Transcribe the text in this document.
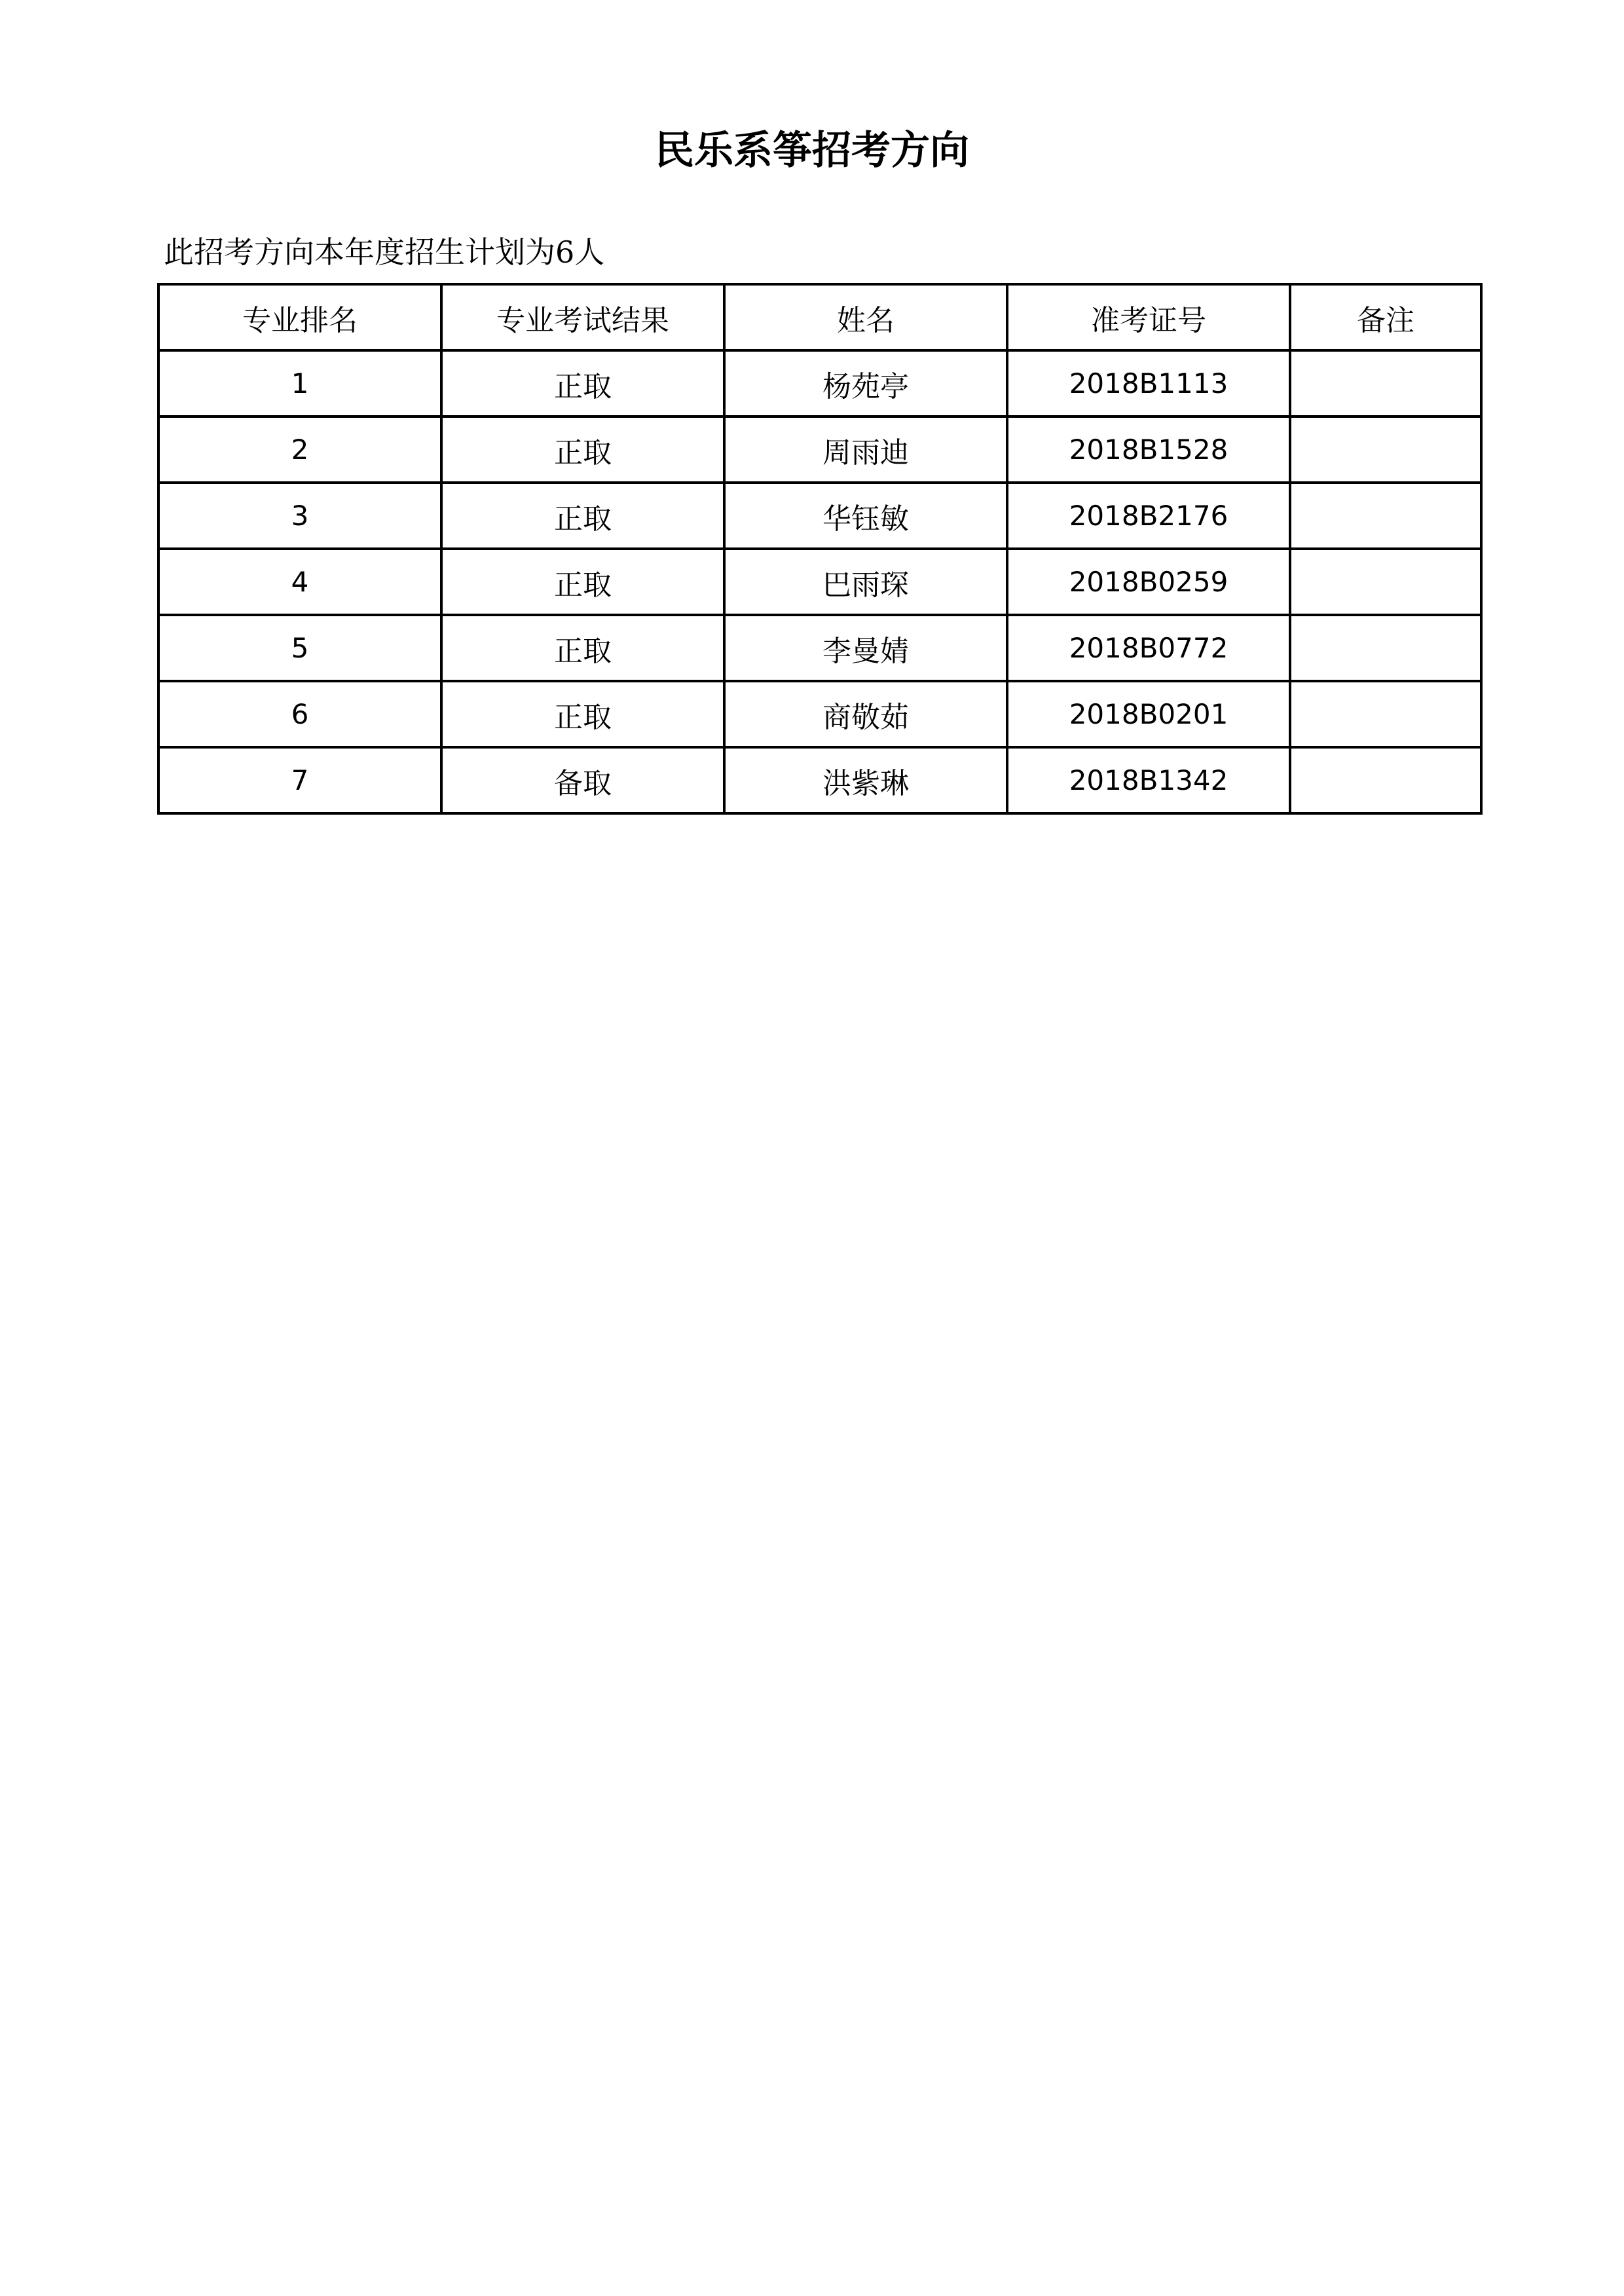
民乐系筝招考方向

此招考方向本年度招生计划为6人

专业排名	专业考试结果	姓名	准考证号	备注
1	正取	杨苑亭	2018B1113	
2	正取	周雨迪	2018B1528	
3	正取	华钰敏	2018B2176	
4	正取	巴雨琛	2018B0259	
5	正取	李曼婧	2018B0772	
6	正取	商敬茹	2018B0201	
7	备取	洪紫琳	2018B1342	
